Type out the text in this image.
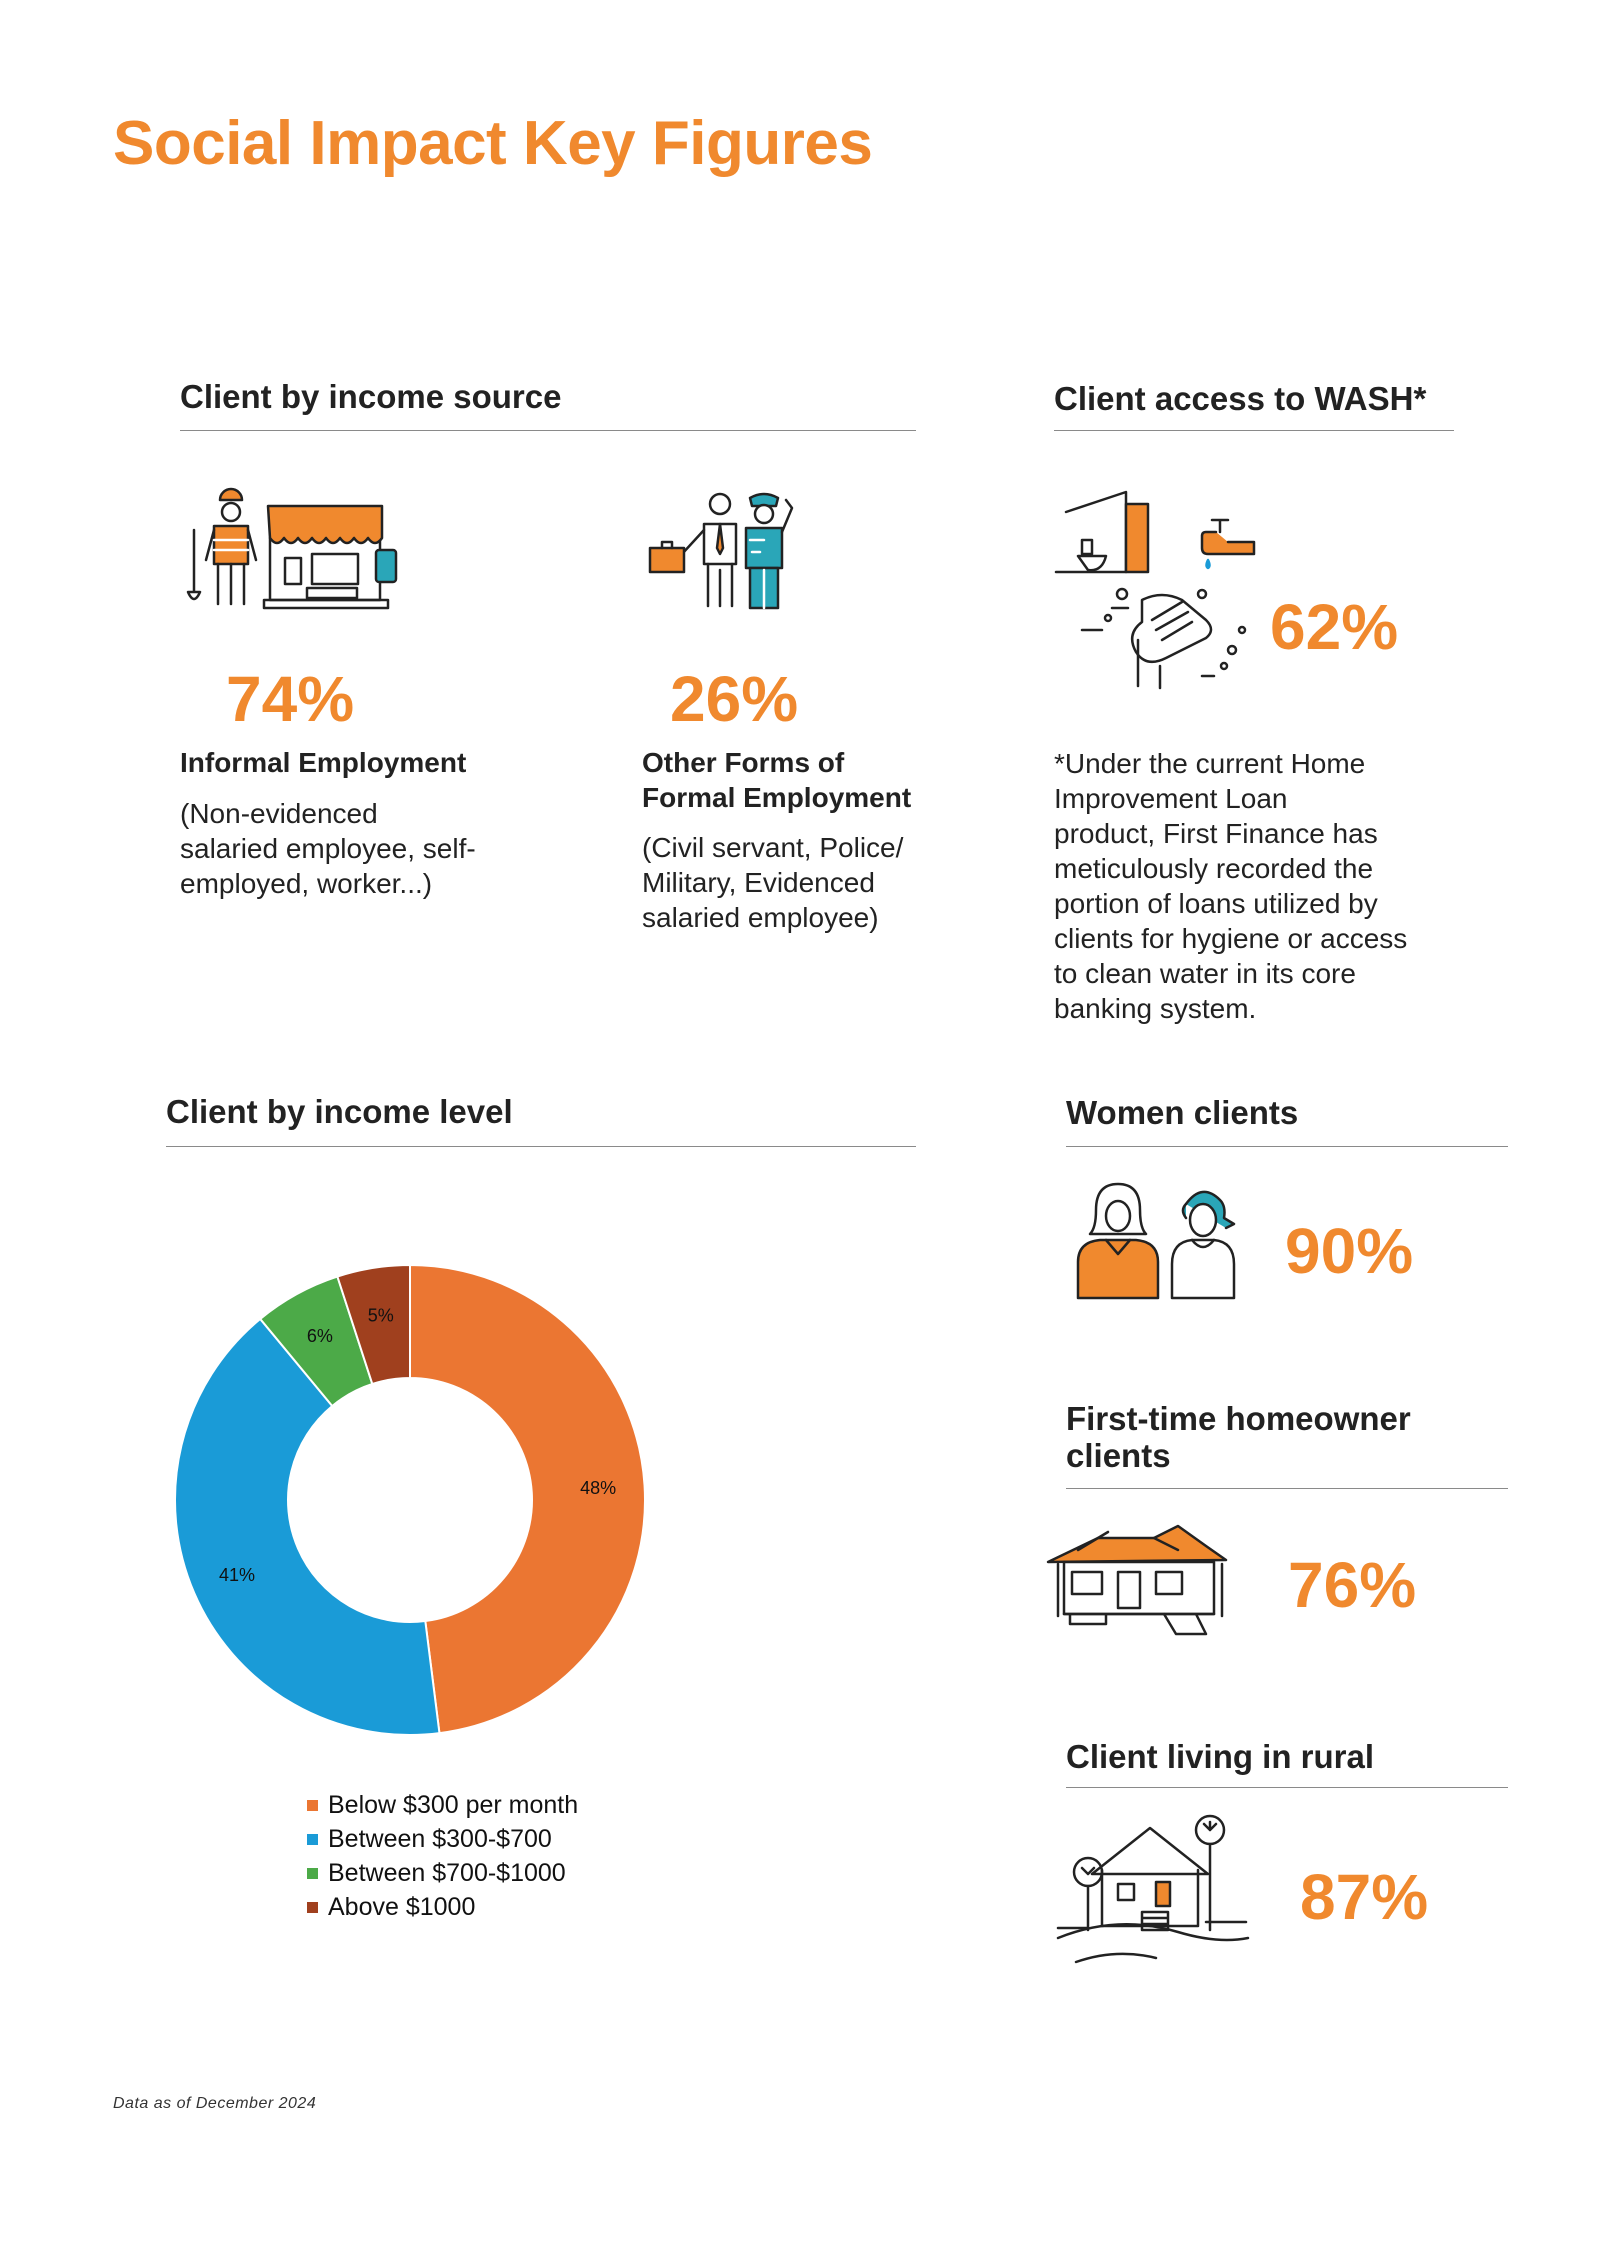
Social Impact Key Figures
Client by income source
74%
Informal Employment
(Non-evidenced
salaried employee, self-
employed, worker...)
26%
Other Forms of
Formal Employment
(Civil servant, Police/
Military, Evidenced
salaried employee)
Client access to WASH*
62%
*Under the current Home
Improvement Loan
product, First Finance has
meticulously recorded the
portion of loans utilized by
clients for hygiene or access
to clean water in its core
banking system.
Client by income level
48%
41%
6%
5%
Below $300 per month
Between $300-$700
Between $700-$1000
Above $1000
Women clients
90%
First-time homeowner
clients
76%
Client living in rural
87%
Data as of December 2024
